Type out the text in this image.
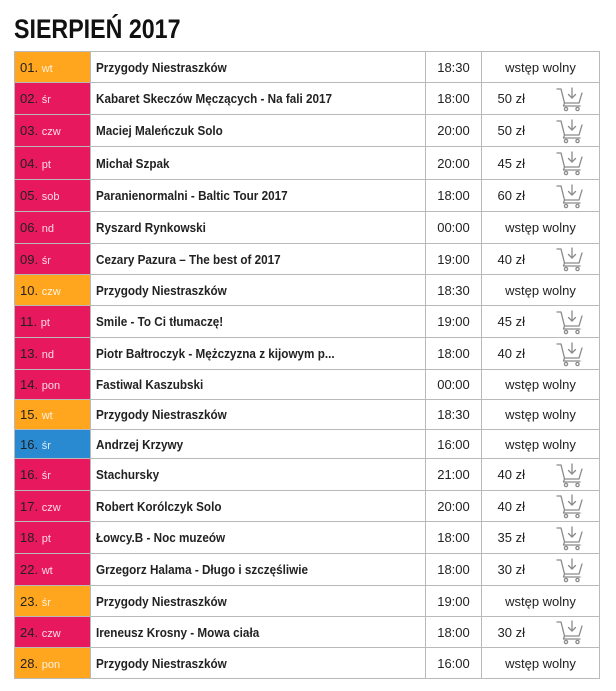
SIERPIEŃ 2017
01. wt	Przygody Niestraszków	18:30	wstęp wolny	
02. śr	Kabaret Skeczów Męczących - Na fali 2017	18:00	50 zł	
03. czw	Maciej Maleńczuk Solo	20:00	50 zł	
04. pt	Michał Szpak	20:00	45 zł	
05. sob	Paranienormalni - Baltic Tour 2017	18:00	60 zł	
06. nd	Ryszard Rynkowski	00:00	wstęp wolny	
09. śr	Cezary Pazura – The best of 2017	19:00	40 zł	
10. czw	Przygody Niestraszków	18:30	wstęp wolny	
11. pt	Smile - To Ci tłumaczę!	19:00	45 zł	
13. nd	Piotr Bałtroczyk - Mężczyzna z kijowym p...	18:00	40 zł	
14. pon	Fastiwal Kaszubski	00:00	wstęp wolny	
15. wt	Przygody Niestraszków	18:30	wstęp wolny	
16. śr	Andrzej Krzywy	16:00	wstęp wolny	
16. śr	Stachursky	21:00	40 zł	
17. czw	Robert Korólczyk Solo	20:00	40 zł	
18. pt	Łowcy.B - Noc muzeów	18:00	35 zł	
22. wt	Grzegorz Halama - Długo i szczęśliwie	18:00	30 zł	
23. śr	Przygody Niestraszków	19:00	wstęp wolny	
24. czw	Ireneusz Krosny - Mowa ciała	18:00	30 zł	
28. pon	Przygody Niestraszków	16:00	wstęp wolny	
